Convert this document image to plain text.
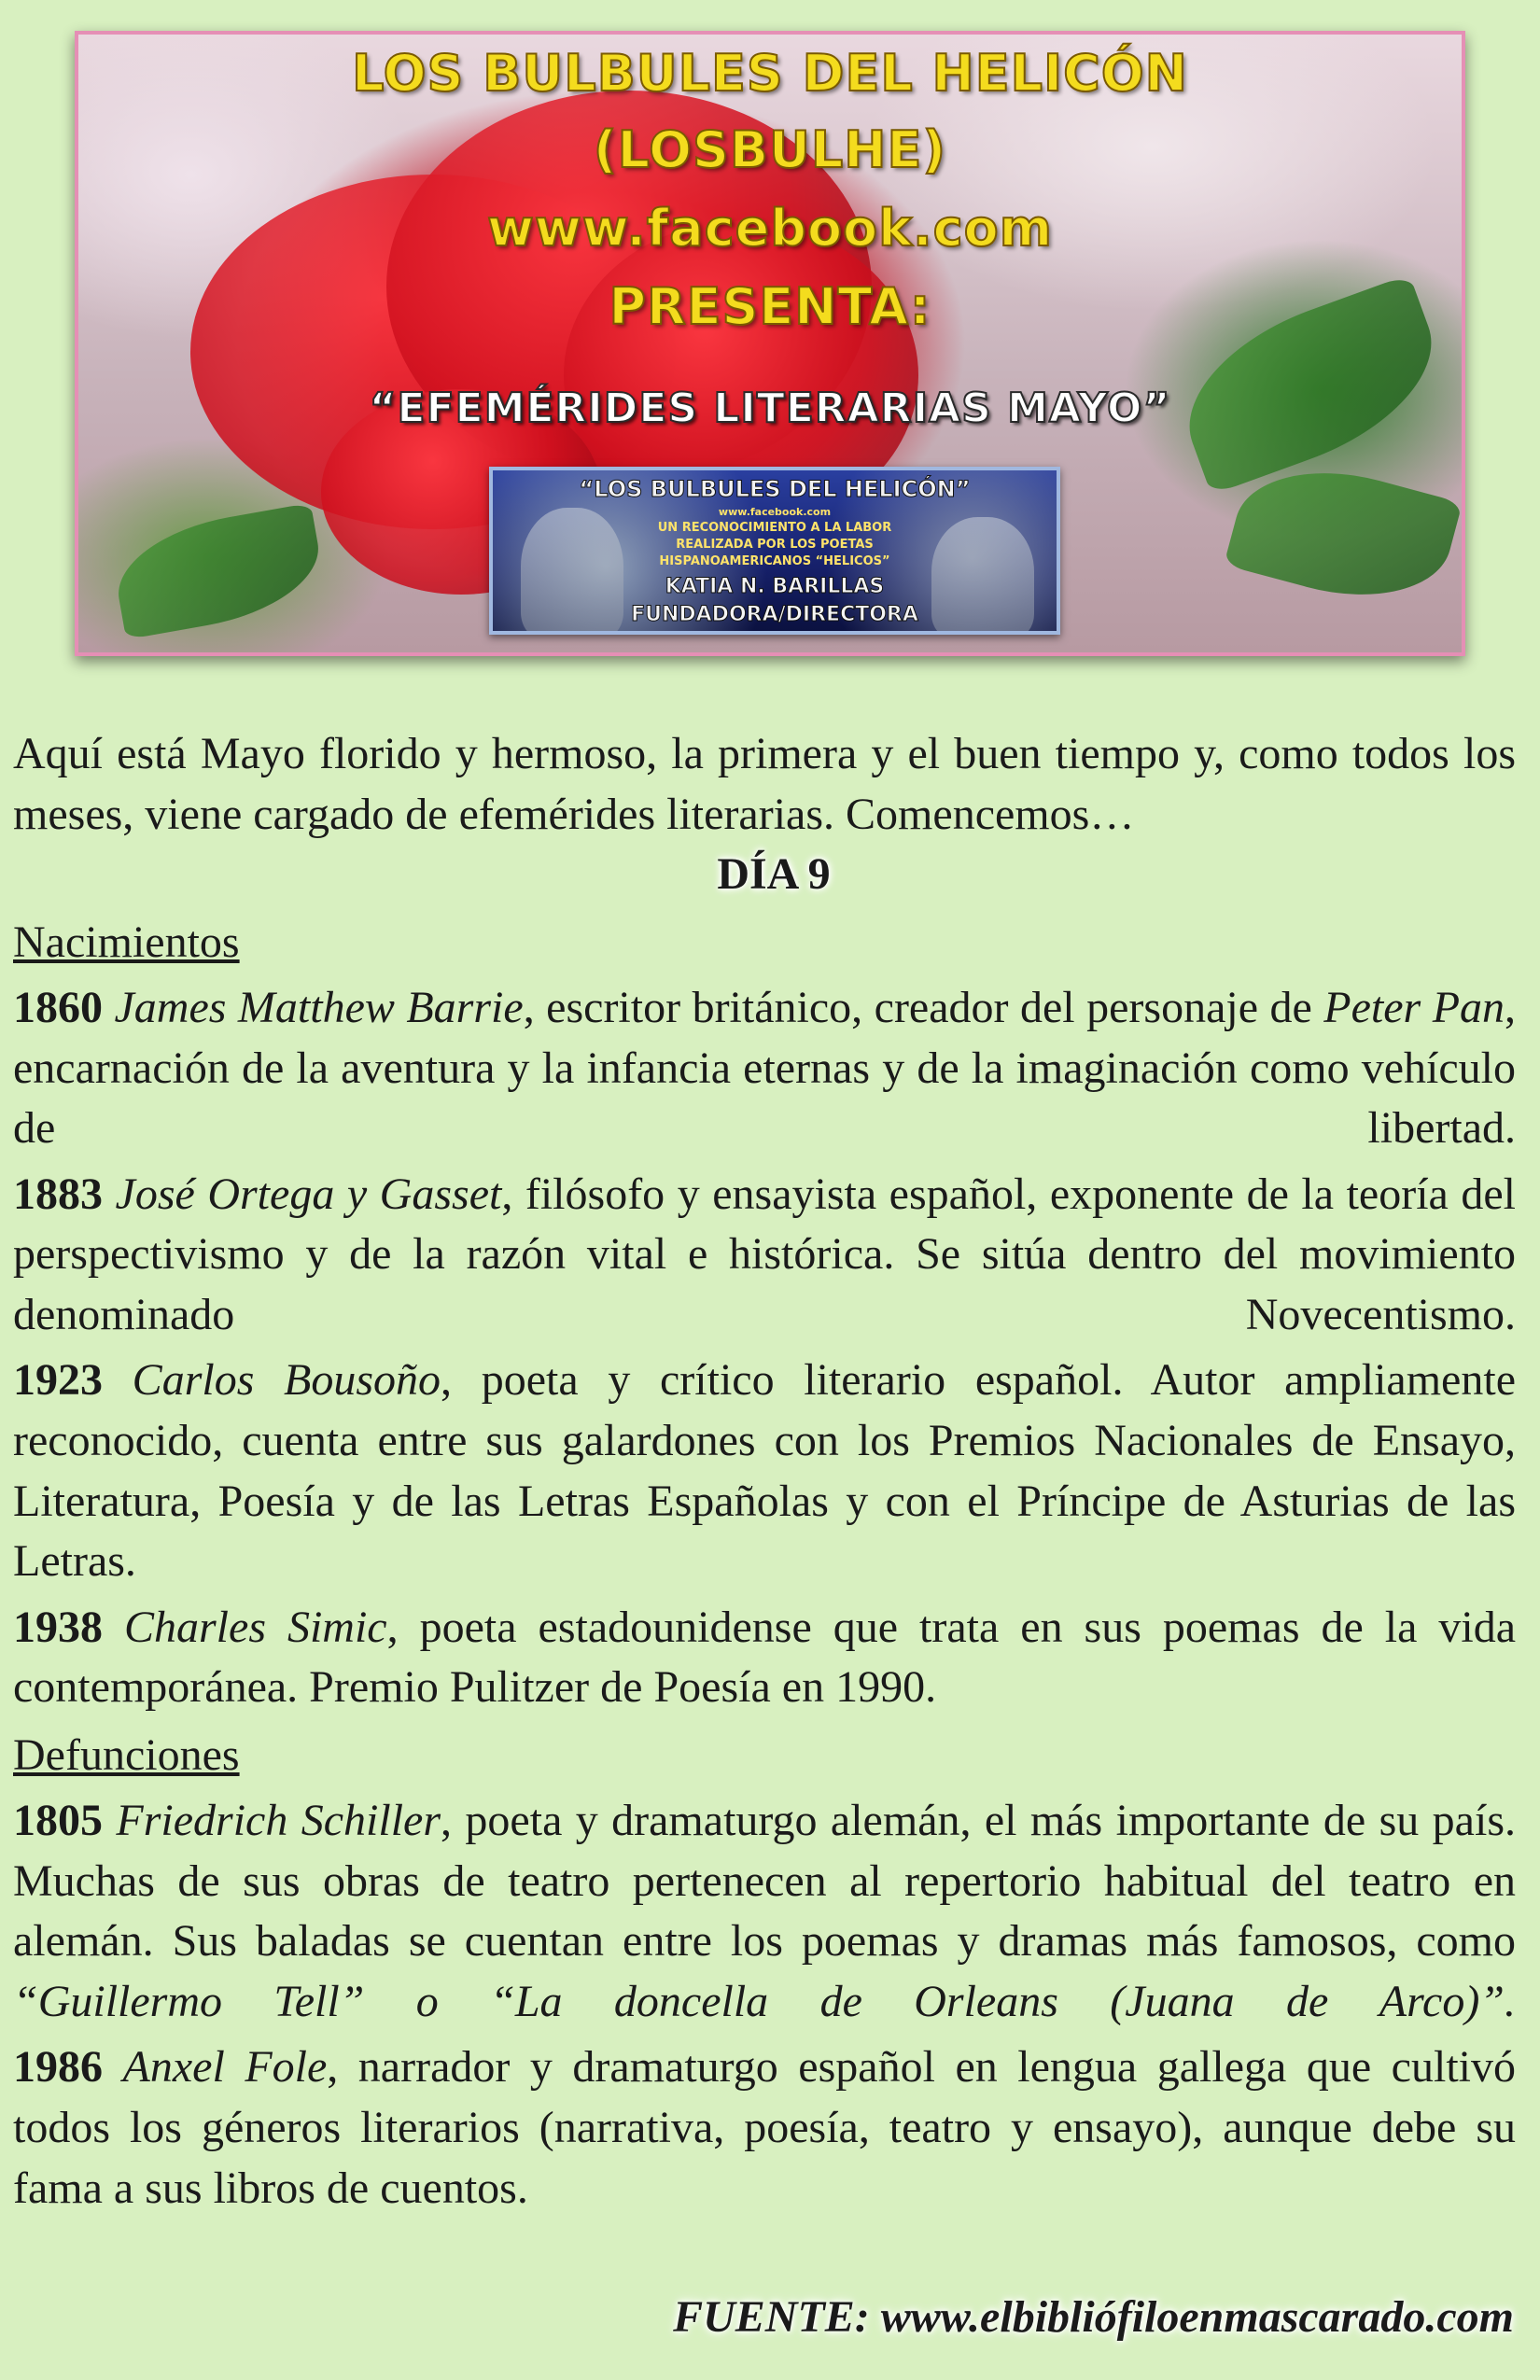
LOS BULBULES DEL HELICÓN
(LOSBULHE)
www.facebook.com
PRESENTA:
“EFEMÉRIDES LITERARIAS MAYO”
“LOS BULBULES DEL HELICÓN”
www.facebook.com
UN RECONOCIMIENTO A LA LABOR
REALIZADA POR LOS POETAS
HISPANOAMERICANOS “HELICOS”
KATIA N. BARILLAS
FUNDADORA/DIRECTORA

Aquí está Mayo florido y hermoso, la primera y el buen tiempo y, como todos los meses, viene cargado de efemérides literarias. Comencemos…

DÍA 9
Nacimientos

1860 James Matthew Barrie, escritor británico, creador del personaje de Peter Pan, encarnación de la aventura y la infancia eternas y de la imaginación como vehículo de libertad.

1883 José Ortega y Gasset, filósofo y ensayista español, exponente de la teoría del perspectivismo y de la razón vital e histórica. Se sitúa dentro del movimiento denominado Novecentismo.

1923 Carlos Bousoño, poeta y crítico literario español. Autor ampliamente reconocido, cuenta entre sus galardones con los Premios Nacionales de Ensayo, Literatura, Poesía y de las Letras Españolas y con el Príncipe de Asturias de las Letras.

1938 Charles Simic, poeta estadounidense que trata en sus poemas de la vida contemporánea. Premio Pulitzer de Poesía en 1990.

Defunciones

1805 Friedrich Schiller, poeta y dramaturgo alemán, el más importante de su país. Muchas de sus obras de teatro pertenecen al repertorio habitual del teatro en alemán. Sus baladas se cuentan entre los poemas y dramas más famosos, como “Guillermo Tell” o “La doncella de Orleans (Juana de Arco)”.

1986 Anxel Fole, narrador y dramaturgo español en lengua gallega que cultivó todos los géneros literarios (narrativa, poesía, teatro y ensayo), aunque debe su fama a sus libros de cuentos.

FUENTE: www.elbibliófiloenmascarado.com
